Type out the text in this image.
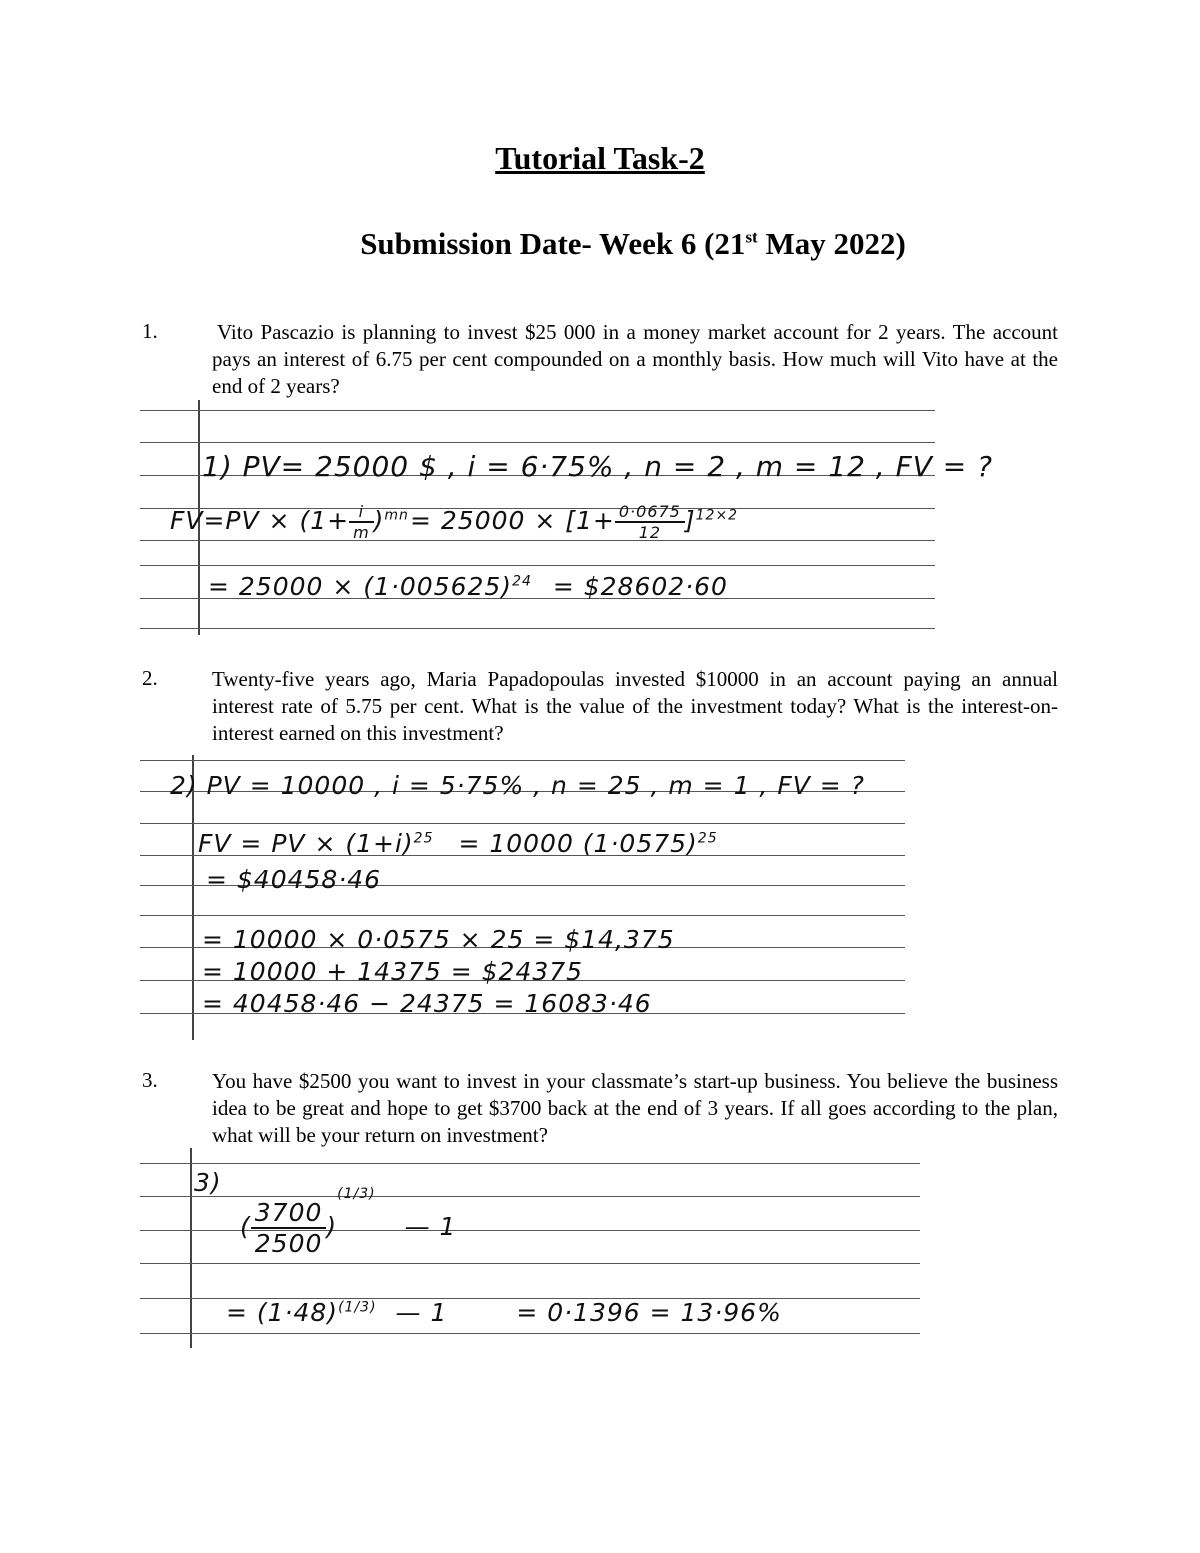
Tutorial Task-2
Submission Date- Week 6 (21st May 2022)
1.	Vito Pascazio is planning to invest $25 000 in a money market account for 2 years. The account pays an interest of 6.75 per cent compounded on a monthly basis. How much will Vito have at the end of 2 years?

1) PV= 25000 $ , i = 6·75% , n = 2 , m = 12 , FV = ?
$FV=PV \times (1+ \frac{i}{m} )^{mn} = 25000 \times [1+ \frac{0\cdot 0675}{12} ]^{12\times 2}$
= $25000 \times (1\cdot 005625)^{24}$ = $28602·60
2.	Twenty-five years ago, Maria Papadopoulas invested $10000 in an account paying an annual interest rate of 5.75 per cent. What is the value of the investment today? What is the interest-on-interest earned on this investment?

2) PV = 10000 , i = 5·75% , n = 25 , m = 1 , FV = ?
FV = PV × $(1+i)^{25} = 10000$ $(1\cdot 0575)^{25}$
= $40458·46
= 10000 × 0·0575 × 25 = $14,375
= 10000 + 14375 = $24375
= 40458·46 − 24375 = 16083·46
3.	You have $2500 you want to invest in your classmate’s start-up business. You believe the business idea to be great and hope to get $3700 back at the end of 3 years. If all goes according to the plan, what will be your return on investment?

3)
( $\frac{3700}{2500} )^{(1/3)}$ — 1
= $(1\cdot 48)^{(1/3)}$ — 1	= 0·1396 = 13·96%
